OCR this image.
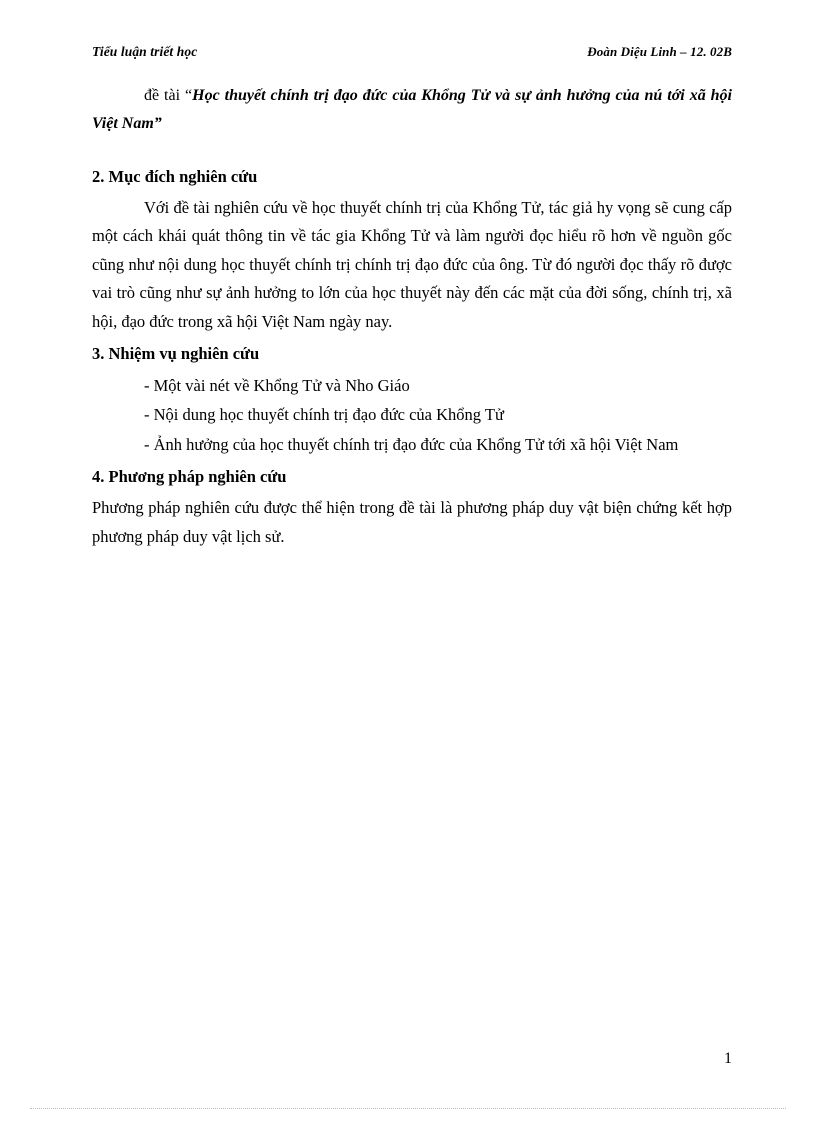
Tiểu luận triết học	Đoàn Diệu Linh – 12. 02B

đề tài “Học thuyết chính trị đạo đức của Khổng Tử và sự ảnh hưởng của nú tới xã hội Việt Nam”

2. Mục đích nghiên cứu

Với đề tài nghiên cứu về học thuyết chính trị của Khổng Tử, tác giả hy vọng sẽ cung cấp một cách khái quát thông tin về tác gia Khổng Tử và làm người đọc hiểu rõ hơn về nguồn gốc cũng như nội dung học thuyết chính trị chính trị đạo đức của ông. Từ đó người đọc thấy rõ được vai trò cũng như sự ảnh hưởng to lớn của học thuyết này đến các mặt của đời sống, chính trị, xã hội, đạo đức trong xã hội Việt Nam ngày nay.

3. Nhiệm vụ nghiên cứu

- Một vài nét về Khổng Tử và Nho Giáo

- Nội dung học thuyết chính trị đạo đức của Khổng Tử

- Ảnh hưởng của học thuyết chính trị đạo đức của Khổng Tử tới xã hội Việt Nam

4. Phương pháp nghiên cứu

Phương pháp nghiên cứu được thể hiện trong đề tài là phương pháp duy vật biện chứng kết hợp phương pháp duy vật lịch sử.

1
